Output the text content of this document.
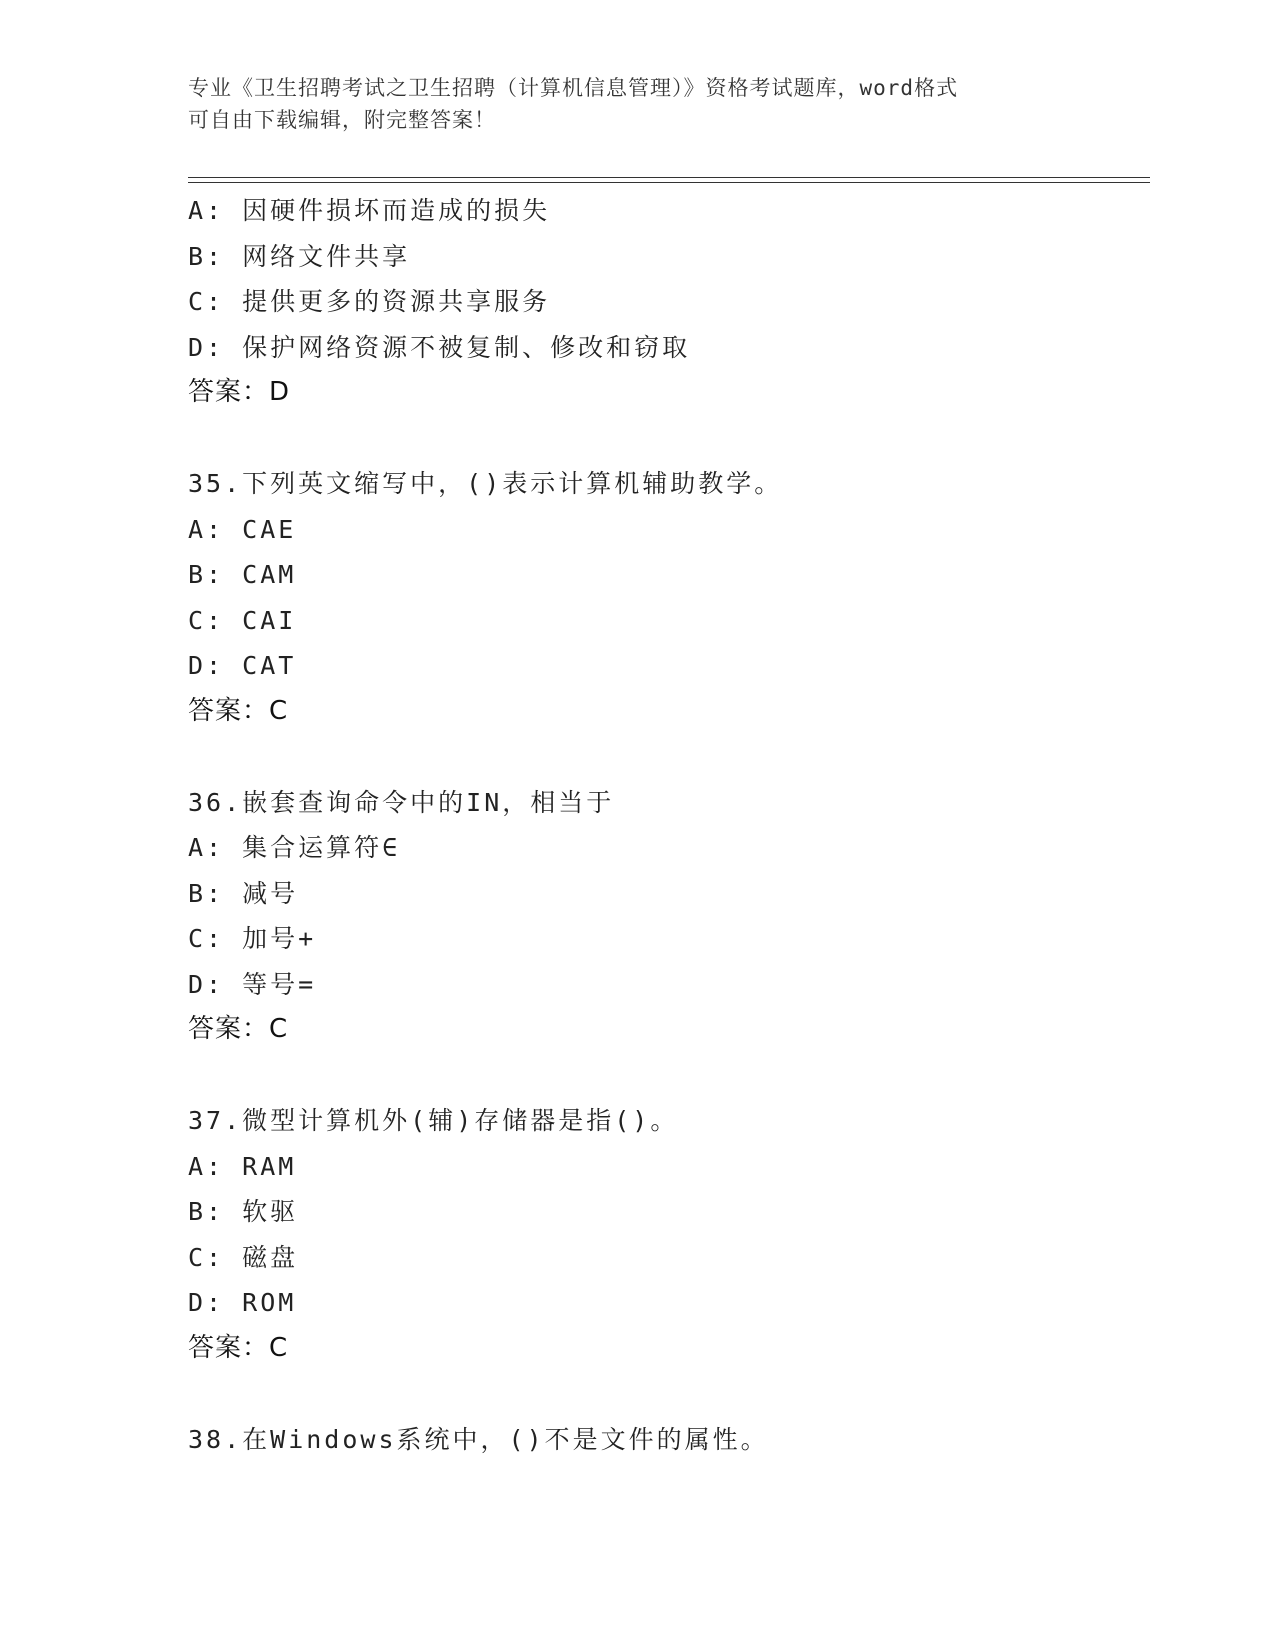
专业《卫生招聘考试之卫生招聘（计算机信息管理）》资格考试题库，word格式
可自由下载编辑，附完整答案！
A: 因硬件损坏而造成的损失
B: 网络文件共享
C: 提供更多的资源共享服务
D: 保护网络资源不被复制、修改和窃取
答案：D
35.下列英文缩写中，()表示计算机辅助教学。
A: CAE
B: CAM
C: CAI
D: CAT
答案：C
36.嵌套查询命令中的IN，相当于
A: 集合运算符∈
B: 减号
C: 加号+
D: 等号=
答案：C
37.微型计算机外(辅)存储器是指()。
A: RAM
B: 软驱
C: 磁盘
D: ROM
答案：C
38.在Windows系统中，()不是文件的属性。
